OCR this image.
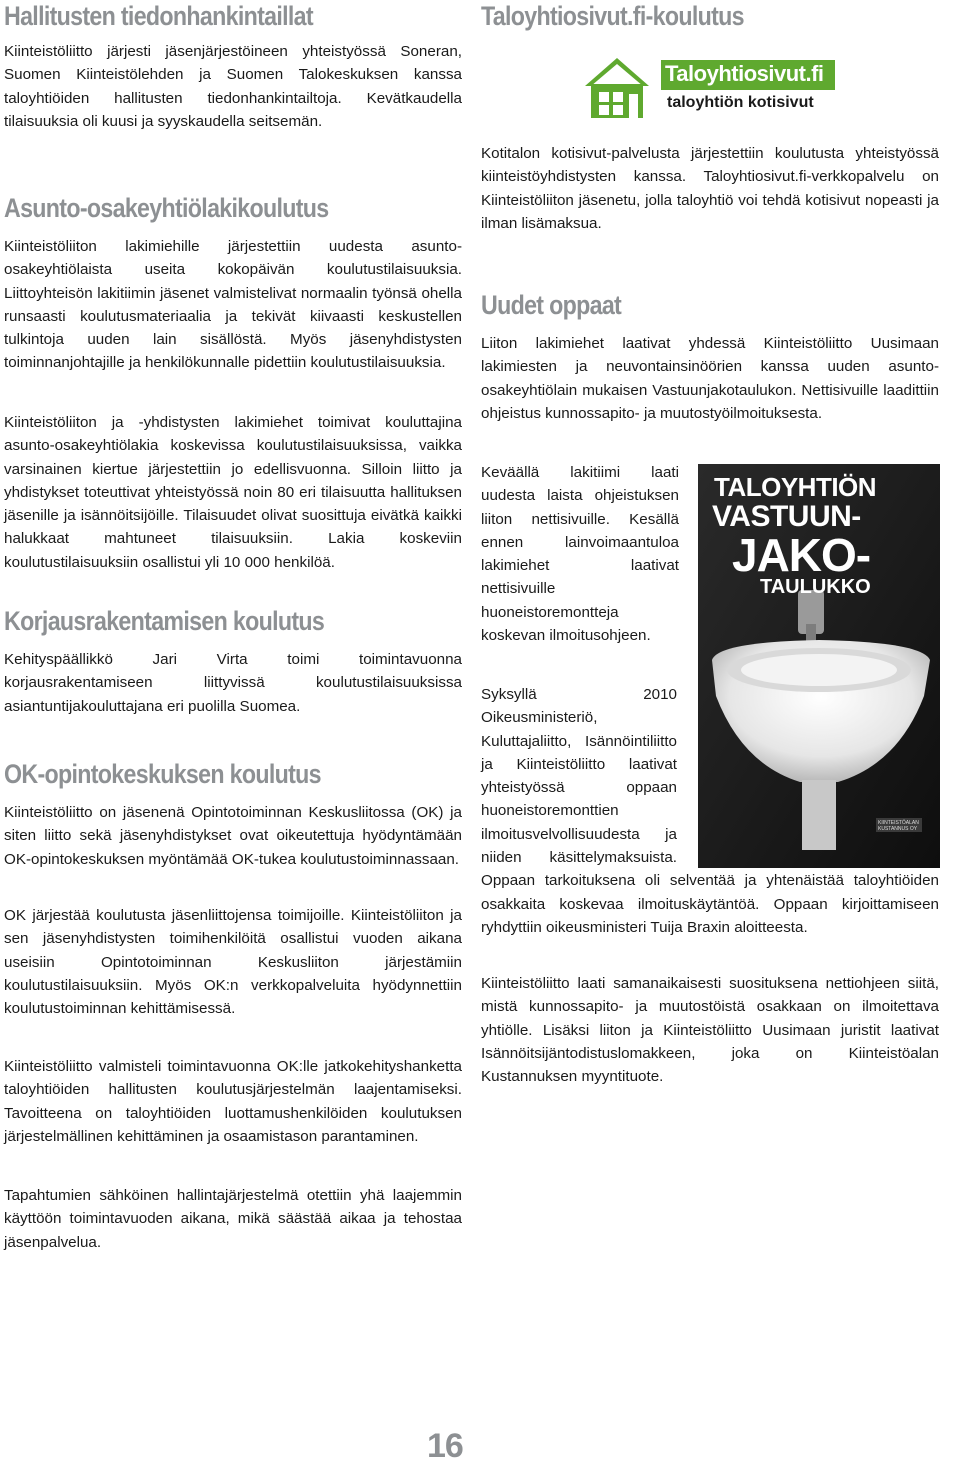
Hallitusten tiedonhankintaillat

Kiinteistöliitto järjesti jäsenjärjestöineen yhteistyössä Soneran, Suomen Kiinteistölehden ja Suomen Talokeskuksen kanssa taloyhtiöiden hallitusten tiedonhankintailtoja. Kevätkaudella tilaisuuksia oli kuusi ja syyskaudella seitsemän.

Asunto-osakeyhtiölakikoulutus

Kiinteistöliiton lakimiehille järjestettiin uudesta asunto-osakeyhtiölaista useita kokopäivän koulutustilaisuuksia. Liittoyhteisön lakitiimin jäsenet valmistelivat normaalin työnsä ohella runsaasti koulutusmateriaalia ja tekivät kiivaasti keskustellen tulkintoja uuden lain sisällöstä. Myös jäsenyhdistysten toiminnanjohtajille ja henkilökunnalle pidettiin koulutustilaisuuksia.

Kiinteistöliiton ja -yhdistysten lakimiehet toimivat kouluttajina asunto-osakeyhtiölakia koskevissa koulutustilaisuuksissa, vaikka varsinainen kiertue järjestettiin jo edellisvuonna. Silloin liitto ja yhdistykset toteuttivat yhteistyössä noin 80 eri tilaisuutta hallituksen jäsenille ja isännöitsijöille. Tilaisuudet olivat suosittuja eivätkä kaikki halukkaat mahtuneet tilaisuuksiin. Lakia koskeviin koulutustilaisuuksiin osallistui yli 10 000 henkilöä.

Korjausrakentamisen koulutus

Kehityspäällikkö Jari Virta toimi toimintavuonna korjausrakentamiseen liittyvissä koulutustilaisuuksissa asiantuntijakouluttajana eri puolilla Suomea.

OK-opintokeskuksen koulutus

Kiinteistöliitto on jäsenenä Opintotoiminnan Keskusliitossa (OK) ja siten liitto sekä jäsenyhdistykset ovat oikeutettuja hyödyntämään OK-opintokeskuksen myöntämää OK-tukea koulutustoiminnassaan.

OK järjestää koulutusta jäsenliittojensa toimijoille. Kiinteistöliiton ja sen jäsenyhdistysten toimihenkilöitä osallistui vuoden aikana useisiin Opintotoiminnan Keskusliiton järjestämiin koulutustilaisuuksiin. Myös OK:n verkkopalveluita hyödynnettiin koulutustoiminnan kehittämisessä.

Kiinteistöliitto valmisteli toimintavuonna OK:lle jatkokehityshanketta taloyhtiöiden hallitusten koulutusjärjestelmän laajentamiseksi. Tavoitteena on taloyhtiöiden luottamushenkilöiden koulutuksen järjestelmällinen kehittäminen ja osaamistason parantaminen.

Tapahtumien sähköinen hallintajärjestelmä otettiin yhä laajemmin käyttöön toimintavuoden aikana, mikä säästää aikaa ja tehostaa jäsenpalvelua.

Taloyhtiosivut.fi-koulutus
Taloyhtiosivut.fi
taloyhtiön kotisivut

Kotitalon kotisivut-palvelusta järjestettiin koulutusta yhteistyössä kiinteistöyhdistysten kanssa. Taloyhtiosivut.fi-verkkopalvelu on Kiinteistöliiton jäsenetu, jolla taloyhtiö voi tehdä kotisivut nopeasti ja ilman lisämaksua.

Uudet oppaat

Liiton lakimiehet laativat yhdessä Kiinteistöliitto Uusimaan lakimiesten ja neuvontainsinöörien kanssa uuden asunto-osakeyhtiölain mukaisen Vastuunjakotaulukon. Nettisivuille laadittiin ohjeistus kunnossapito- ja muutostyöilmoituksesta.

Keväällä lakitiimi laati uudesta laista ohjeistuksen liiton nettisivuille. Kesällä ennen lainvoimaantuloa lakimiehet laativat nettisivuille huoneistoremontteja koskevan ilmoitusohjeen.

Syksyllä 2010 Oikeusministeriö, Kuluttajaliitto, Isännöintiliitto ja Kiinteistöliitto laativat yhteistyössä oppaan huoneistoremonttien ilmoitusvelvollisuudesta ja niiden käsittelymaksuista. Oppaan tarkoituksena oli selventää ja yhtenäistää taloyhtiöiden osakkaita koskevaa ilmoituskäytäntöä. Oppaan kirjoittamiseen ryhdyttiin oikeusministeri Tuija Braxin aloitteesta.

Kiinteistöliitto laati samanaikaisesti suosituksena nettiohjeen siitä, mistä kunnossapito- ja muutostöistä osakkaan on ilmoitettava yhtiölle. Lisäksi liiton ja Kiinteistöliitto Uusimaan juristit laativat Isännöitsijäntodistuslomakkeen, joka on Kiinteistöalan Kustannuksen myyntituote.

TALOYHTIÖN
VASTUUN-
JAKO-
TAULUKKO
KIINTEISTÖALAN KUSTANNUS OY
16
